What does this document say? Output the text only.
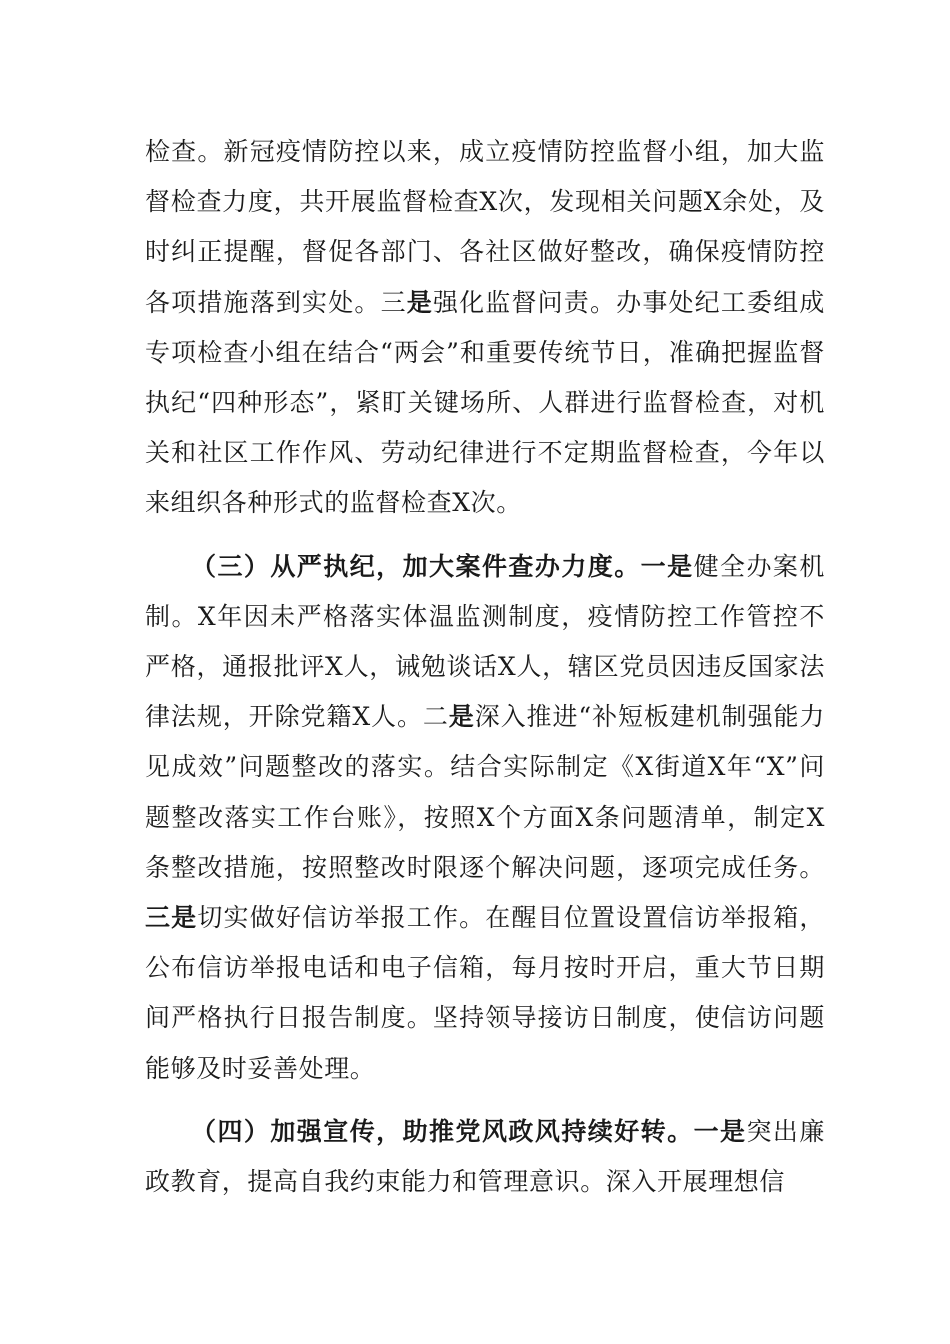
检查。新冠疫情防控以来，成立疫情防控监督小组，加大监督检查力度，共开展监督检查X次，发现相关问题X余处，及时纠正提醒，督促各部门、各社区做好整改，确保疫情防控各项措施落到实处。三是强化监督问责。办事处纪工委组成专项检查小组在结合“两会”和重要传统节日，准确把握监督执纪“四种形态”，紧盯关键场所、人群进行监督检查，对机关和社区工作作风、劳动纪律进行不定期监督检查，今年以来组织各种形式的监督检查X次。

（三）从严执纪，加大案件查办力度。一是健全办案机制。X年因未严格落实体温监测制度，疫情防控工作管控不严格，通报批评X人，诫勉谈话X人，辖区党员因违反国家法律法规，开除党籍X人。二是深入推进“补短板建机制强能力见成效”问题整改的落实。结合实际制定《X街道X年“X”问题整改落实工作台账》，按照X个方面X条问题清单，制定X条整改措施，按照整改时限逐个解决问题，逐项完成任务。三是切实做好信访举报工作。在醒目位置设置信访举报箱，公布信访举报电话和电子信箱，每月按时开启，重大节日期间严格执行日报告制度。坚持领导接访日制度，使信访问题能够及时妥善处理。

（四）加强宣传，助推党风政风持续好转。一是突出廉政教育，提高自我约束能力和管理意识。深入开展理想信
